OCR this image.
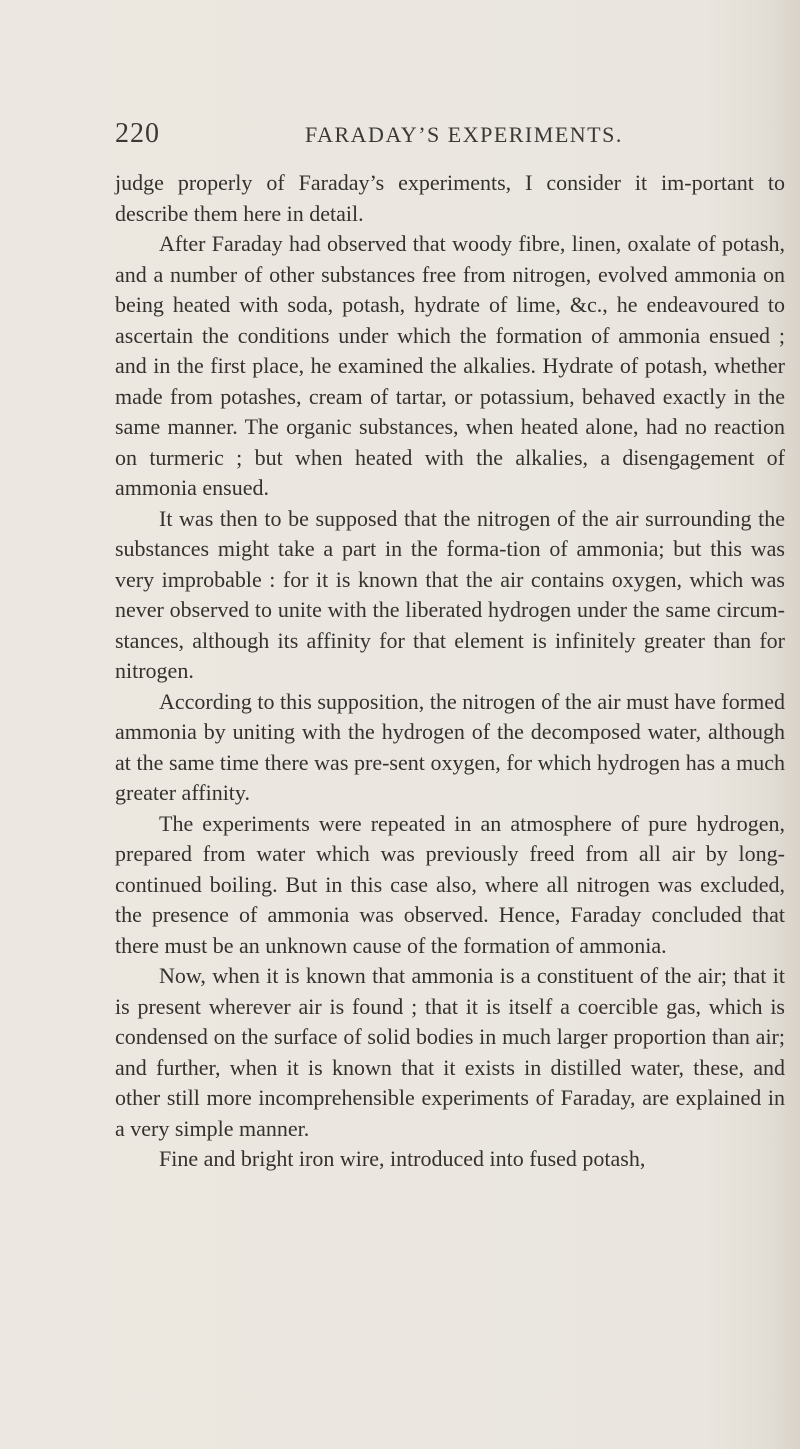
220	FARADAY’S EXPERIMENTS.

judge properly of Faraday’s experiments, I consider it im-portant to describe them here in detail.

After Faraday had observed that woody fibre, linen, oxalate of potash, and a number of other substances free from nitrogen, evolved ammonia on being heated with soda, potash, hydrate of lime, &c., he endeavoured to ascertain the conditions under which the formation of ammonia ensued ; and in the first place, he examined the alkalies. Hydrate of potash, whether made from potashes, cream of tartar, or potassium, behaved exactly in the same manner. The organic substances, when heated alone, had no reaction on turmeric ; but when heated with the alkalies, a disengagement of ammonia ensued.

It was then to be supposed that the nitrogen of the air surrounding the substances might take a part in the forma-tion of ammonia; but this was very improbable : for it is known that the air contains oxygen, which was never observed to unite with the liberated hydrogen under the same circum-stances, although its affinity for that element is infinitely greater than for nitrogen.

According to this supposition, the nitrogen of the air must have formed ammonia by uniting with the hydrogen of the decomposed water, although at the same time there was pre-sent oxygen, for which hydrogen has a much greater affinity.

The experiments were repeated in an atmosphere of pure hydrogen, prepared from water which was previously freed from all air by long-continued boiling. But in this case also, where all nitrogen was excluded, the presence of ammonia was observed. Hence, Faraday concluded that there must be an unknown cause of the formation of ammonia.

Now, when it is known that ammonia is a constituent of the air; that it is present wherever air is found ; that it is itself a coercible gas, which is condensed on the surface of solid bodies in much larger proportion than air; and further, when it is known that it exists in distilled water, these, and other still more incomprehensible experiments of Faraday, are explained in a very simple manner.

Fine and bright iron wire, introduced into fused potash,
